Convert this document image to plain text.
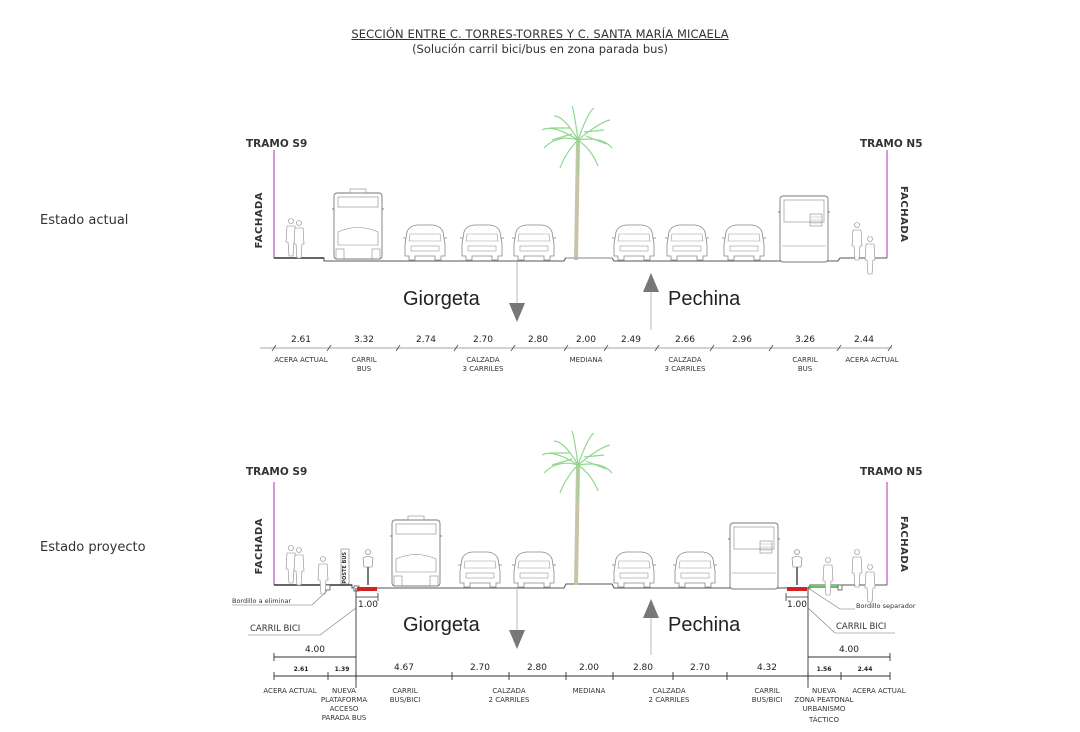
SECCIÓN ENTRE C. TORRES-TORRES Y C. SANTA MARÍA MICAELA
(Solución carril bici/bus en zona parada bus)
Estado actual
TRAMO S9	TRAMO N5
FACHADA	FACHADA
Giorgeta	Pechina
2.61	3.32	2.74	2.70	2.80	2.00	2.49	2.66	2.96	3.26	2.44
ACERA ACTUAL	CARRIL
BUS
CALZADA
3 CARRILES
MEDIANA	CALZADA
3 CARRILES
CARRIL
BUS
ACERA ACTUAL
Estado proyecto
TRAMO S9	TRAMO N5
FACHADA	FACHADA
POSTE BUS
Giorgeta	Pechina
Bordillo a eliminar
Bordillo separador
CARRIL BICI	CARRIL BICI
1.00	1.00
4.00	4.00
2.61	1.39	4.67	2.70	2.80	2.00	2.80	2.70	4.32	1.56	2.44
ACERA ACTUAL	NUEVA
PLATAFORMA
ACCESO
PARADA BUS
CARRIL
BUS/BICI
CALZADA
2 CARRILES
MEDIANA	CALZADA
2 CARRILES
CARRIL
BUS/BICI
NUEVA
ZONA PEATONAL
URBANISMO
TÁCTICO
ACERA ACTUAL
